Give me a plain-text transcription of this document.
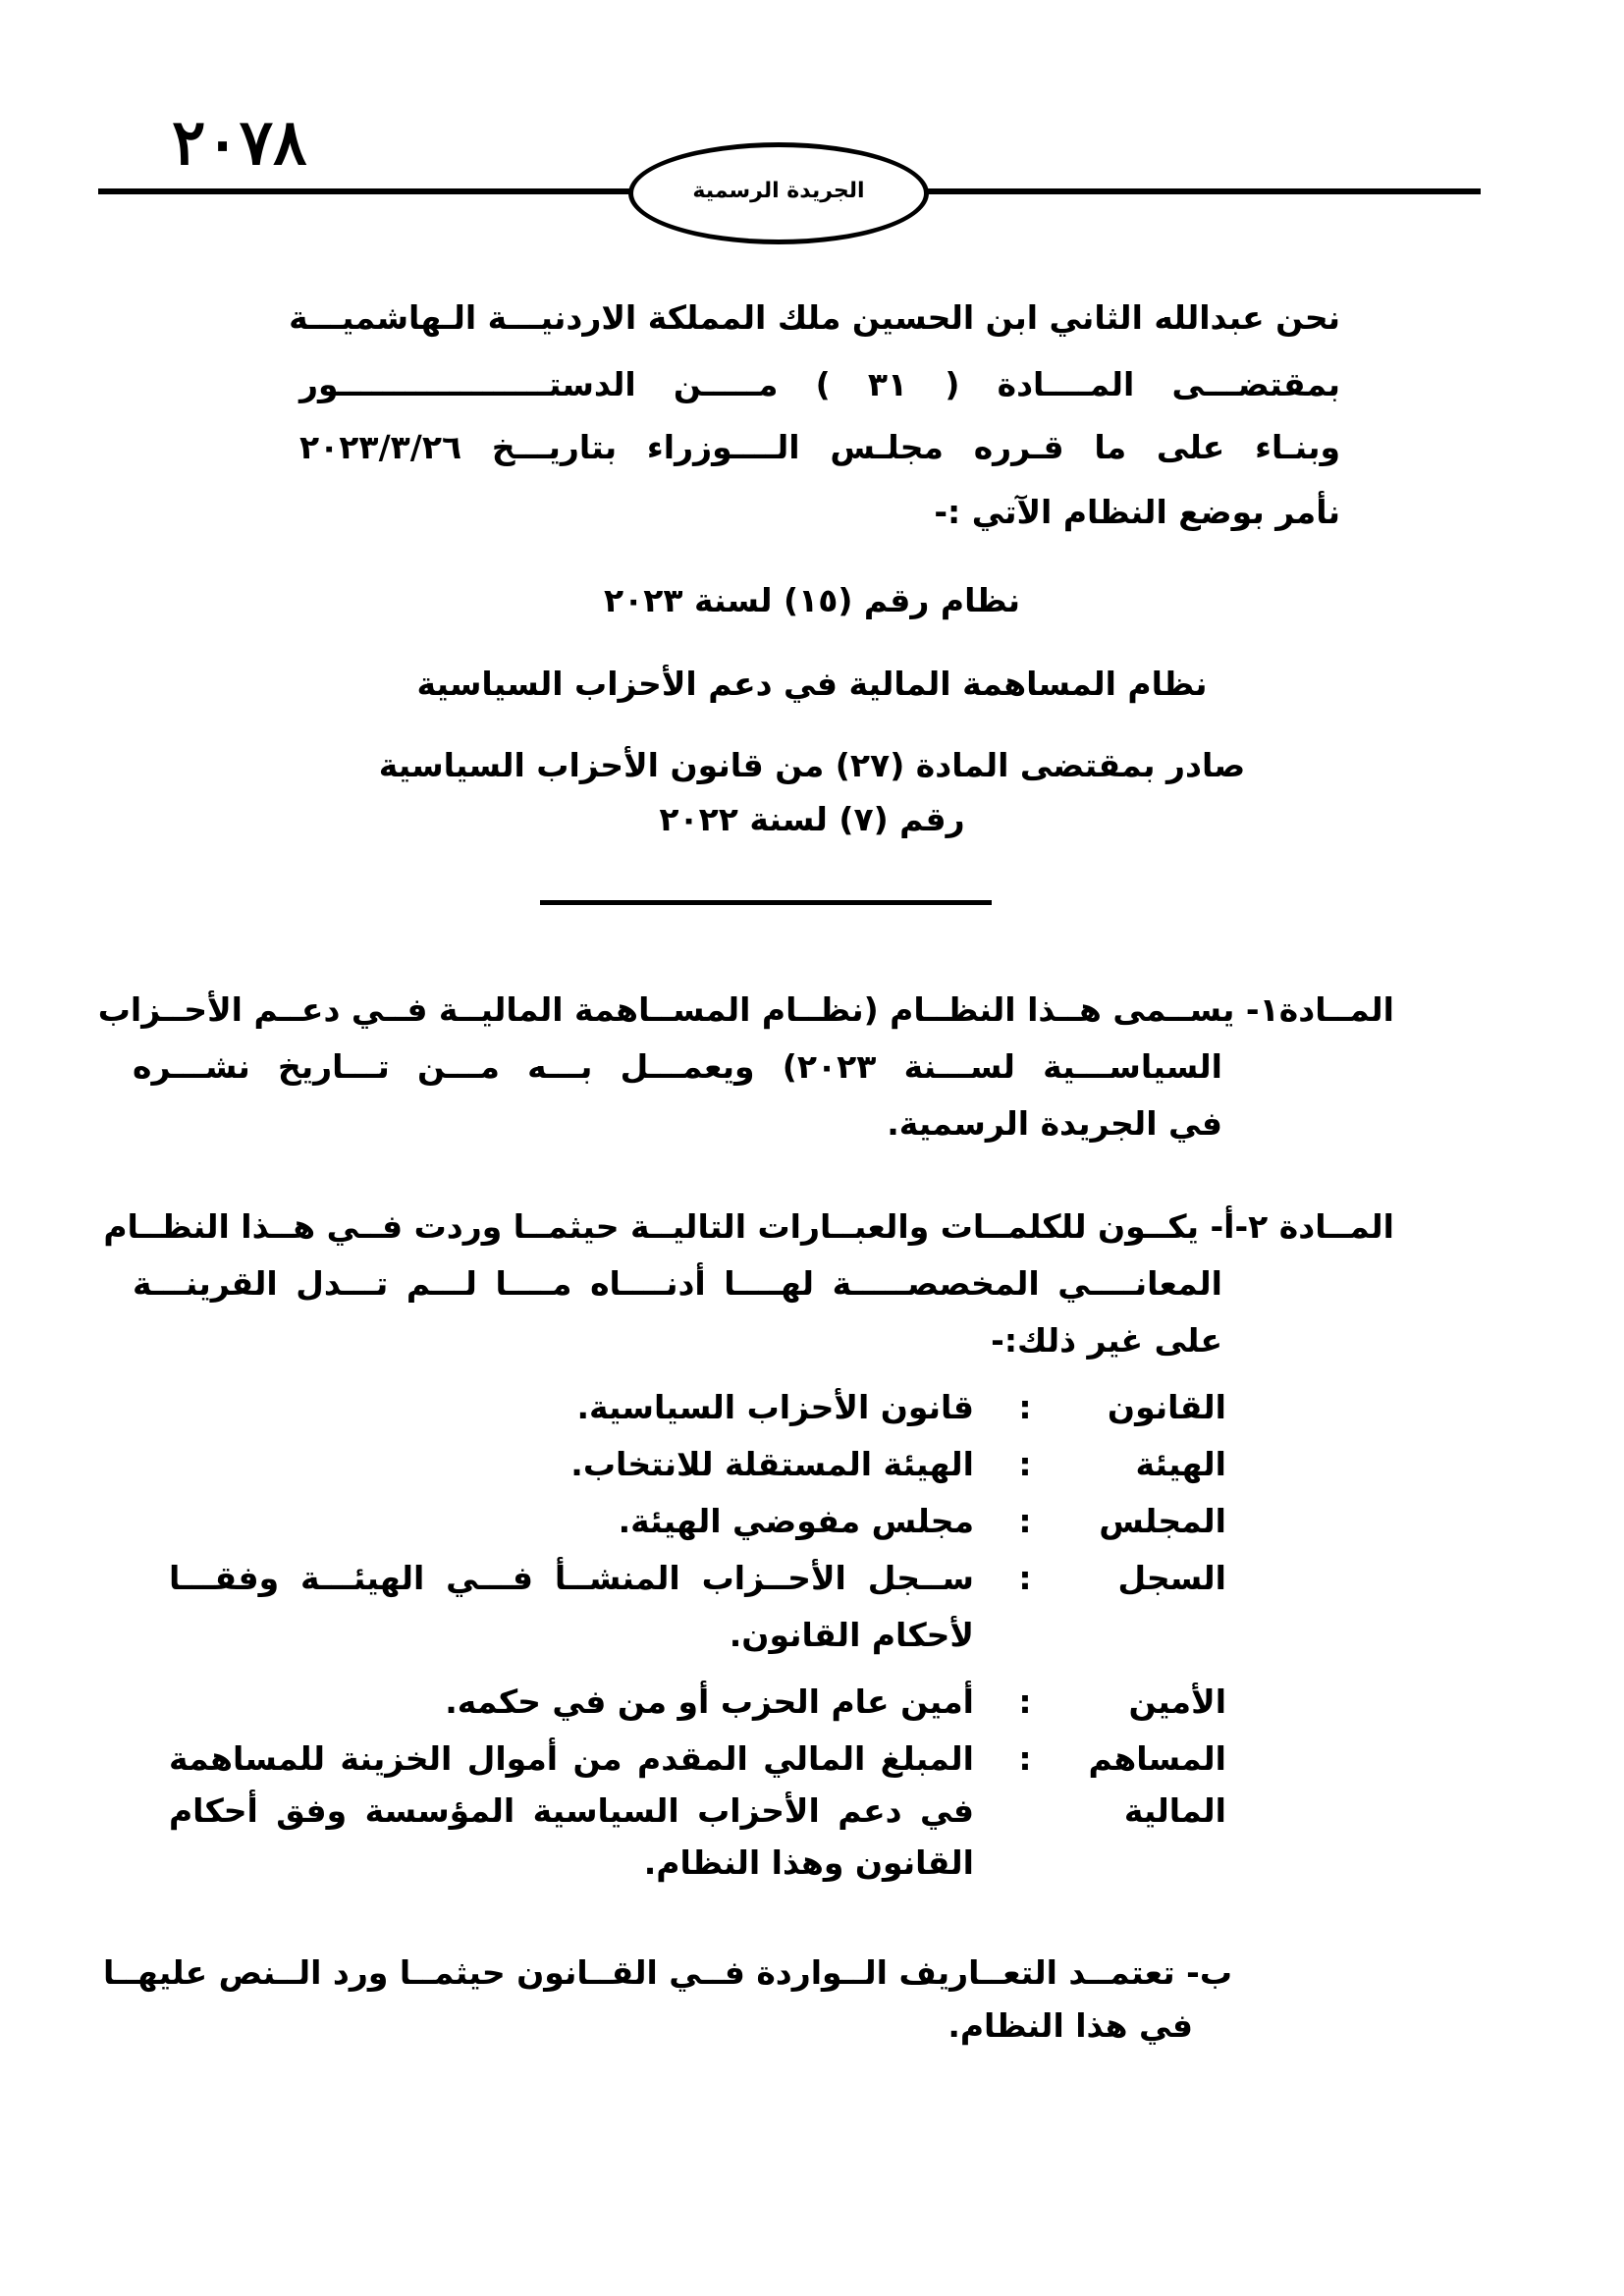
٢٠٧٨
الجريدة الرسمية
نحن عبدالله الثاني ابن الحسين ملك المملكة الاردنيـــة الـهاشميـــة
بمقتضـــى المــــادة ( ٣١ ) مـــــن الدستـــــــــــــــــــور
وبنـاء على ما قـرره مجلـس الــــوزراء بتاريـــخ ٢٠٢٣/٣/٢٦
نأمر بوضع النظام الآتي :-
نظام رقم (١٥) لسنة ٢٠٢٣
نظام المساهمة المالية في دعم الأحزاب السياسية
صادر بمقتضى المادة (٢٧) من قانون الأحزاب السياسية
رقم (٧) لسنة ٢٠٢٢
المــادة١- يســمى هــذا النظــام (نظــام المســاهمة الماليــة فــي دعــم الأحــزاب
السياســـية لســـنة ٢٠٢٣) ويعمـــل بـــه مـــن تـــاريخ نشـــره
في الجريدة الرسمية.
المــادة ٢-أ- يكــون للكلمــات والعبــارات التاليــة حيثمــا وردت فــي هــذا النظــام
المعانــــي المخصصـــــة لهــــا أدنــــاه مــــا لـــم تـــدل القرينـــة
على غير ذلك:-
القانون
:
قانون الأحزاب السياسية.
الهيئة
:
الهيئة المستقلة للانتخاب.
المجلس
:
مجلس مفوضي الهيئة.
السجل
:
ســجل الأحــزاب المنشــأ فـــي الهيئـــة وفقـــا
لأحكام القانون.
الأمين
:
أمين عام الحزب أو من في حكمه.
المساهم
المالية
:
المبلغ المالي المقدم من أموال الخزينة للمساهمة
في دعم الأحزاب السياسية المؤسسة وفق أحكام
القانون وهذا النظام.
ب- تعتمــد التعــاريف الــواردة فــي القــانون حيثمــا ورد الــنص عليهــا
في هذا النظام.
